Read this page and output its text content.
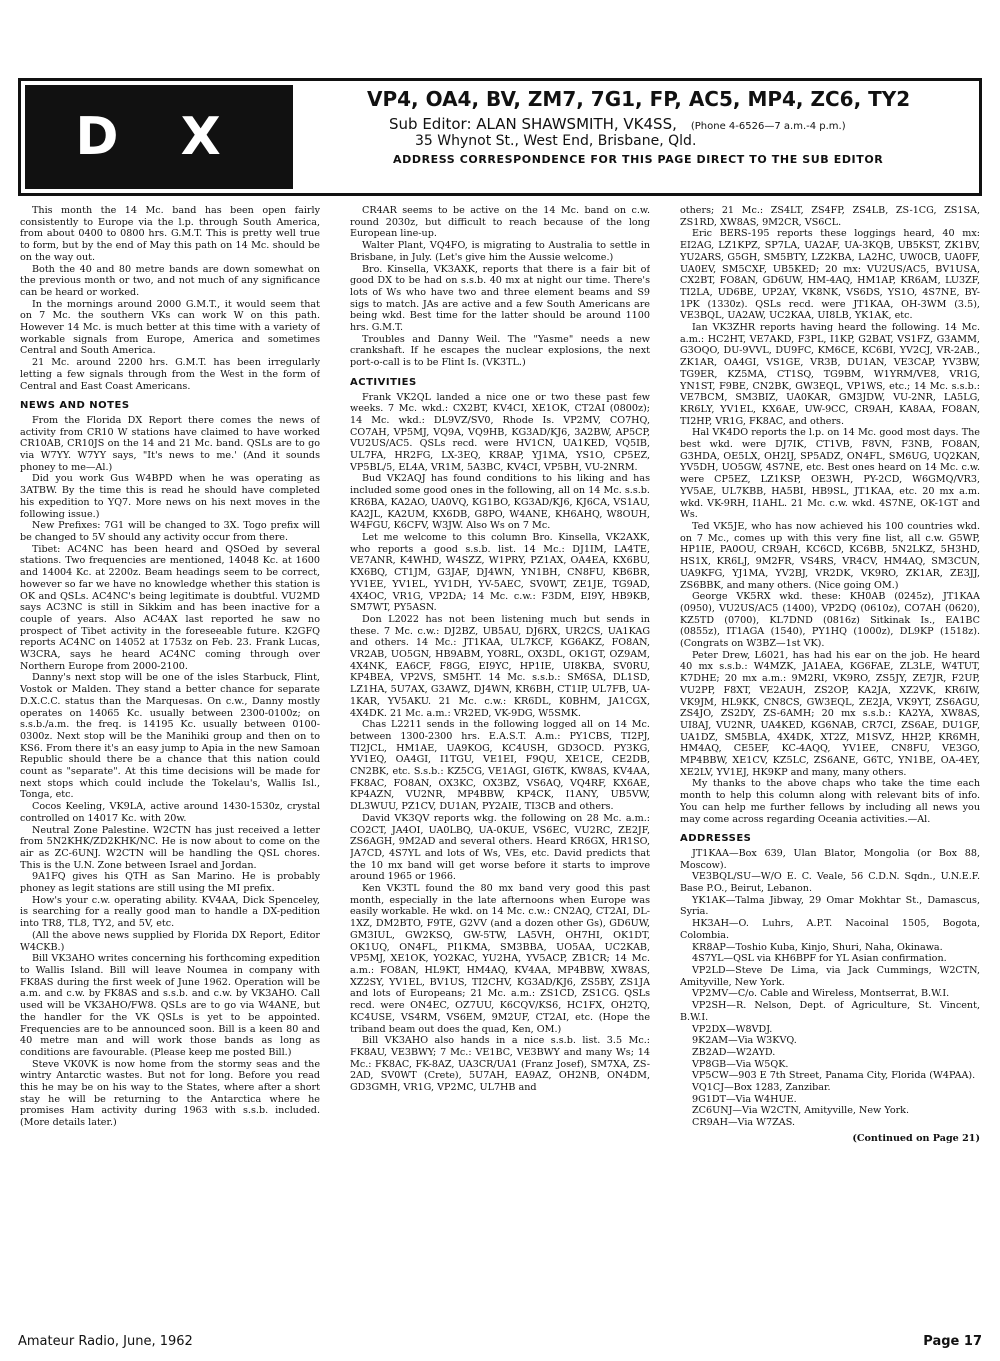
D X
VP4, OA4, BV, ZM7, 7G1, FP, AC5, MP4, ZC6, TY2
Sub Editor: ALAN SHAWSMITH, VK4SS, (Phone 4-6526—7 a.m.-4 p.m.)
35 Whynot St., West End, Brisbane, Qld.
ADDRESS CORRESPONDENCE FOR THIS PAGE DIRECT TO THE SUB EDITOR

This month the 14 Mc. band has been open fairly consistently to Europe via the l.p. through South America, from about 0400 to 0800 hrs. G.M.T. This is pretty well true to form, but by the end of May this path on 14 Mc. should be on the way out.

Both the 40 and 80 metre bands are down somewhat on the previous month or two, and not much of any significance can be heard or worked.

In the mornings around 2000 G.M.T., it would seem that on 7 Mc. the southern VKs can work W on this path. However 14 Mc. is much better at this time with a variety of workable signals from Europe, America and sometimes Central and South America.

21 Mc. around 2200 hrs. G.M.T. has been irregularly letting a few signals through from the West in the form of Central and East Coast Americans.

NEWS AND NOTES

From the Florida DX Report there comes the news of activity from CR10 W stations have claimed to have worked CR10AB, CR10JS on the 14 and 21 Mc. band. QSLs are to go via W7YY. W7YY says, "It's news to me.' (And it sounds phoney to me—Al.)

Did you work Gus W4BPD when he was operating as 3ATBW. By the time this is read he should have completed his expedition to YQ7. More news on his next moves in the following issue.)

New Prefixes: 7G1 will be changed to 3X. Togo prefix will be changed to 5V should any activity occur from there.

Tibet: AC4NC has been heard and QSOed by several stations. Two frequencies are mentioned, 14048 Kc. at 1600 and 14004 Kc. at 2200z. Beam headings seem to be correct, however so far we have no knowledge whether this station is OK and QSLs. AC4NC's being legitimate is doubtful. VU2MD says AC3NC is still in Sikkim and has been inactive for a couple of years. Also AC4AX last reported he saw no prospect of Tibet activity in the foreseeable future. K2GFQ reports AC4NC on 14052 at 1753z on Feb. 23. Frank Lucas, W3CRA, says he heard AC4NC coming through over Northern Europe from 2000-2100.

Danny's next stop will be one of the isles Starbuck, Flint, Vostok or Malden. They stand a better chance for separate D.X.C.C. status than the Marquesas. On c.w., Danny mostly operates on 14065 Kc. usually between 2300-0100z; on s.s.b./a.m. the freq. is 14195 Kc. usually between 0100-0300z. Next stop will be the Manihiki group and then on to KS6. From there it's an easy jump to Apia in the new Samoan Republic should there be a chance that this nation could count as "separate". At this time decisions will be made for next stops which could include the Tokelau's, Wallis Isl., Tonga, etc.

Cocos Keeling, VK9LA, active around 1430-1530z, crystal controlled on 14017 Kc. with 20w.

Neutral Zone Palestine. W2CTN has just received a letter from 5N2KHK/ZD2KHK/NC. He is now about to come on the air as ZC-6UNJ. W2CTN will be handling the QSL chores. This is the U.N. Zone between Israel and Jordan.

9A1FQ gives his QTH as San Marino. He is probably phoney as legit stations are still using the MI prefix.

How's your c.w. operating ability. KV4AA, Dick Spenceley, is searching for a really good man to handle a DX-pedition into TR8, TL8, TY2, and 5V, etc.

(All the above news supplied by Florida DX Report, Editor W4CKB.)

Bill VK3AHO writes concerning his forthcoming expedition to Wallis Island. Bill will leave Noumea in company with FK8AS during the first week of June 1962. Operation will be a.m. and c.w. by FK8AS and s.s.b. and c.w. by VK3AHO. Call used will be VK3AHO/FW8. QSLs are to go via W4ANE, but the handler for the VK QSLs is yet to be appointed. Frequencies are to be announced soon. Bill is a keen 80 and 40 metre man and will work those bands as long as conditions are favourable. (Please keep me posted Bill.)

Steve VK0VK is now home from the stormy seas and the wintry Antarctic wastes. But not for long. Before you read this he may be on his way to the States, where after a short stay he will be returning to the Antarctica where he promises Ham activity during 1963 with s.s.b. included. (More details later.)

CR4AR seems to be active on the 14 Mc. band on c.w. round 2030z, but difficult to reach because of the long European line-up.

Walter Plant, VQ4FO, is migrating to Australia to settle in Brisbane, in July. (Let's give him the Aussie welcome.)

Bro. Kinsella, VK3AXK, reports that there is a fair bit of good DX to be had on s.s.b. 40 mx at night our time. There's lots of Ws who have two and three element beams and S9 sigs to match. JAs are active and a few South Americans are being wkd. Best time for the latter should be around 1100 hrs. G.M.T.

Troubles and Danny Weil. The "Yasme" needs a new crankshaft. If he escapes the nuclear explosions, the next port-o-call is to be Flint Is. (VK3TL.)

ACTIVITIES

Frank VK2QL landed a nice one or two these past few weeks. 7 Mc. wkd.: CX2BT, KV4CI, XE1OK, CT2AI (0800z); 14 Mc. wkd.: DL9VZ/SV0, Rhode Is. VP2MV, CO7HQ, CO7AH, VP5MJ, VQ9A, VQ9HB, KG3AD/KJ6, 3A2BW, AP5CP, VU2US/AC5. QSLs recd. were HV1CN, UA1KED, VQ5IB, UL7FA, HR2FG, LX-3EQ, KR8AP, YJ1MA, YS1O, CP5EZ, VP5BL/5, EL4A, VR1M, 5A3BC, KV4CI, VP5BH, VU-2NRM.

Bud VK2AQJ has found conditions to his liking and has included some good ones in the following, all on 14 Mc. s.s.b. KR6BA, KA2AO, UA0VQ, KG1BO, KG3AD/KJ6, KJ6CA, VS1AU, KA2JL, KA2UM, KX6DB, G8PO, W4ANE, KH6AHQ, W8OUH, W4FGU, K6CFV, W3JW. Also Ws on 7 Mc.

Let me welcome to this column Bro. Kinsella, VK2AXK, who reports a good s.s.b. list. 14 Mc.: DJ1IM, LA4TE, VE7ANR, K4WHD, W4SZZ, W1PRY, PZ1AX, OA4EA, KX6BU, KX6BQ, CT1JM, G3JAF, DJ4WN, YN1BH, CN8FU, KB6BR, YV1EE, YV1EL, YV1DH, YV-5AEC, SV0WT, ZE1JE, TG9AD, 4X4OC, VR1G, VP2DA; 14 Mc. c.w.: F3DM, EI9Y, HB9KB, SM7WT, PY5ASN.

Don L2022 has not been listening much but sends in these. 7 Mc. c.w.: DJ2BZ, UB5AU, DJ6RX, UR2CS, UA1KAG and others. 14 Mc.: JT1KAA, UL7KCF, KG6AKZ, FO8AN, VR2AB, UO5GN, HB9ABM, YO8RL, OX3DL, OK1GT, OZ9AM, 4X4NK, EA6CF, F8GG, EI9YC, HP1IE, UI8KBA, SV0RU, KP4BEA, VP2VS, SM5HT. 14 Mc. s.s.b.: SM6SA, DL1SD, LZ1HA, 5U7AX, G3AWZ, DJ4WN, KR6BH, CT1IP, UL7FB, UA-1KAR, YV5AKU. 21 Mc. c.w.: KR6DL, K0BHM, JA1CGX, 4X4DK. 21 Mc. a.m.: VR2ED, VK-9DG, W5SMK.

Chas L2211 sends in the following logged all on 14 Mc. between 1300-2300 hrs. E.A.S.T. A.m.: PY1CBS, TI2PJ, TI2JCL, HM1AE, UA9KOG, KC4USH, GD3OCD. PY3KG, YV1EQ, OA4GI, I1TGU, VE1EI, F9QU, XE1CE, CE2DB, CN2BK, etc. S.s.b.: KZ5CG, VE1AGI, GI6TK, KW8AS, KV4AA, FK8AC, FO8AN, OX3KC, OX3BZ, VS6AQ, VQ4RF, KX6AE, KP4AZN, VU2NR, MP4BBW, KP4CK, I1ANY, UB5VW, DL3WUU, PZ1CV, DU1AN, PY2AIE, TI3CB and others.

David VK3QV reports wkg. the following on 28 Mc. a.m.: CO2CT, JA4OI, UA0LBQ, UA-0KUE, VS6EC, VU2RC, ZE2JF, ZS6AGH, 9M2AD and several others. Heard KR6GX, HR1SO, JA7CD, 4S7YL and lots of Ws, VEs, etc. David predicts that the 10 mx band will get worse before it starts to improve around 1965 or 1966.

Ken VK3TL found the 80 mx band very good this past month, especially in the late afternoons when Europe was easily workable. He wkd. on 14 Mc. c.w.: CN2AQ, CT2AI, DL-1XZ, DM2BTO, F9TE, G2VV (and a dozen other Gs), GD6UW, GM3IUL, GW2KSQ, GW-5TW, LA5VH, OH7HI, OK1DT, OK1UQ, ON4FL, PI1KMA, SM3BBA, UO5AA, UC2KAB, VP5MJ, XE1OK, YO2KAC, YU2HA, YV5ACP, ZB1CR; 14 Mc. a.m.: FO8AN, HL9KT, HM4AQ, KV4AA, MP4BBW, XW8AS, XZ2SY, YV1EL, BV1US, TI2CHV, KG3AD/KJ6, ZS5BY, ZS1JA and lots of Europeans; 21 Mc. a.m.: ZS1CD, ZS1CG. QSLs recd. were ON4EC, OZ7UU, K6CQV/KS6, HC1FX, OH2TQ, KC4USE, VS4RM, VS6EM, 9M2UF, CT2AI, etc. (Hope the triband beam out does the quad, Ken, OM.)

Bill VK3AHO also hands in a nice s.s.b. list. 3.5 Mc.: FK8AU, VE3BWY; 7 Mc.: VE1BC, VE3BWY and many Ws; 14 Mc.: FK8AC, FK-8AZ, UA3CR/UA1 (Franz Josef), SM7XA, ZS-2AD, SV0WT (Crete), 5U7AH, EA9AZ, OH2NB, ON4DM, GD3GMH, VR1G, VP2MC, UL7HB and

others; 21 Mc.: ZS4LT, ZS4FP, ZS4LB, ZS-1CG, ZS1SA, ZS1RD, XW8AS, 9M2CR, VS6CL.

Eric BERS-195 reports these loggings heard, 40 mx: EI2AG, LZ1KPZ, SP7LA, UA2AF, UA-3KQB, UB5KST, ZK1BV, YU2ARS, G5GH, SM5BTY, LZ2KBA, LA2HC, UW0CB, UA0FF, UA0EV, SM5CXF, UB5KED; 20 mx: VU2US/AC5, BV1USA, CX2BT, FO8AN, GD6UW, HM-4AQ, HM1AP, KR6AM, LU3ZF, TI2LA, UD6BE, UP2AY, VK8NK, VS6DS, YS1O, 4S7NE, BY-1PK (1330z). QSLs recd. were JT1KAA, OH-3WM (3.5), VE3BQL, UA2AW, UC2KAA, UI8LB, YK1AK, etc.

Ian VK3ZHR reports having heard the following. 14 Mc. a.m.: HC2HT, VE7AKD, F3PL, I1KP, G2BAT, VS1FZ, G3AMM, G3OQO, DU-9VVL, DU9FC, KM6CE, KC6BI, YV2CJ, VR-2AB., ZK1AR, OA4GI, VS1GE, VR3B, DU1AN, VE3CAP, YV3BW, TG9ER, KZ5MA, CT1SQ, TG9BM, W1YRM/VE8, VR1G, YN1ST, F9BE, CN2BK, GW3EQL, VP1WS, etc.; 14 Mc. s.s.b.: VE7BCM, SM3BIZ, UA0KAR, GM3JDW, VU-2NR, LA5LG, KR6LY, YV1EL, KX6AE, UW-9CC, CR9AH, KA8AA, FO8AN, TI2HP, VR1G, FK8AC, and others.

Hal VK4DO reports the l.p. on 14 Mc. good most days. The best wkd. were DJ7IK, CT1VB, F8VN, F3NB, FO8AN, G3HDA, OE5LX, OH2IJ, SP5ADZ, ON4FL, SM6UG, UQ2KAN, YV5DH, UO5GW, 4S7NE, etc. Best ones heard on 14 Mc. c.w. were CP5EZ, LZ1KSP, OE3WH, PY-2CD, W6GMQ/VR3, YV5AE, UL7KBB, HA5BI, HB9SL, JT1KAA, etc. 20 mx a.m. wkd. VK-9RH, I1AHL. 21 Mc. c.w. wkd. 4S7NE, OK-1GT and Ws.

Ted VK5JE, who has now achieved his 100 countries wkd. on 7 Mc., comes up with this very fine list, all c.w. G5WP, HP1IE, PA0OU, CR9AH, KC6CD, KC6BB, 5N2LKZ, 5H3HD, HS1X, KR6LJ, 9M2FR, VS4RS, VR4CV, HM4AQ, SM3CUN, UA9KFG, YJ1MA, YV2BJ, VR2DK, VK9RO, ZK1AR, ZE3JJ, ZS6BBK, and many others. (Nice going OM.)

George VK5RX wkd. these: KH0AB (0245z), JT1KAA (0950), VU2US/AC5 (1400), VP2DQ (0610z), CO7AH (0620), KZ5TD (0700), KL7DND (0816z) Sitkinak Is., EA1BC (0855z), IT1AGA (1540), PY1HQ (1000z), DL9KP (1518z). (Congrats on W3BZ—1st VK).

Peter Drew, L6021, has had his ear on the job. He heard 40 mx s.s.b.: W4MZK, JA1AEA, KG6FAE, ZL3LE, W4TUT, K7DHE; 20 mx a.m.: 9M2RI, VK9RO, ZS5JY, ZE7JR, F2UP, VU2PP, F8XT, VE2AUH, ZS2OP, KA2JA, XZ2VK, KR6IW, VK9JM, HL9KK, CN8CS, GW3EQL, ZE2JA, VK9YT, ZS6AGU, ZS4JO, ZS2DY, ZS-6AMH; 20 mx s.s.b.: KA2YA, XW8AS, UI8AJ, VU2NR, UA4KED, KG6NAB, CR7CI, ZS6AE, DU1GF, UA1DZ, SM5BLA, 4X4DK, XT2Z, M1SVZ, HH2P, KR6MH, HM4AQ, CE5EF, KC-4AQQ, YV1EE, CN8FU, VE3GO, MP4BBW, XE1CV, KZ5LC, ZS6ANE, G6TC, YN1BE, OA-4EY, XE2LV, YV1EJ, HK9KP and many, many others.

My thanks to the above chaps who take the time each month to help this column along with relevant bits of info. You can help me further fellows by including all news you may come across regarding Oceania activities.—Al.

ADDRESSES

JT1KAA—Box 639, Ulan Blator, Mongolia (or Box 88, Moscow).

VE3BQL/SU—W/O E. C. Veale, 56 C.D.N. Sqdn., U.N.E.F. Base P.O., Beirut, Lebanon.

YK1AK—Talma Jibway, 29 Omar Mokhtar St., Damascus, Syria.

HK3AH—O. Luhrs, A.P.T. Nacoinal 1505, Bogota, Colombia.

KR8AP—Toshio Kuba, Kinjo, Shuri, Naha, Okinawa.

4S7YL—QSL via KH6BPF for YL Asian confirmation.

VP2LD—Steve De Lima, via Jack Cummings, W2CTN, Amityville, New York.

VP2MV—C/o. Cable and Wireless, Montserrat, B.W.I.

VP2SH—R. Nelson, Dept. of Agriculture, St. Vincent, B.W.I.

VP2DX—W8VDJ.

9K2AM—Via W3KVQ.

ZB2AD—W2AYD.

VP8GB—Via W5QK.

VP5CW—903 E 7th Street, Panama City, Florida (W4PAA).

VQ1CJ—Box 1283, Zanzibar.

9G1DT—Via W4HUE.

ZC6UNJ—Via W2CTN, Amityville, New York.

CR9AH—Via W7ZAS.

(Continued on Page 21)
Amateur Radio, June, 1962	Page 17
